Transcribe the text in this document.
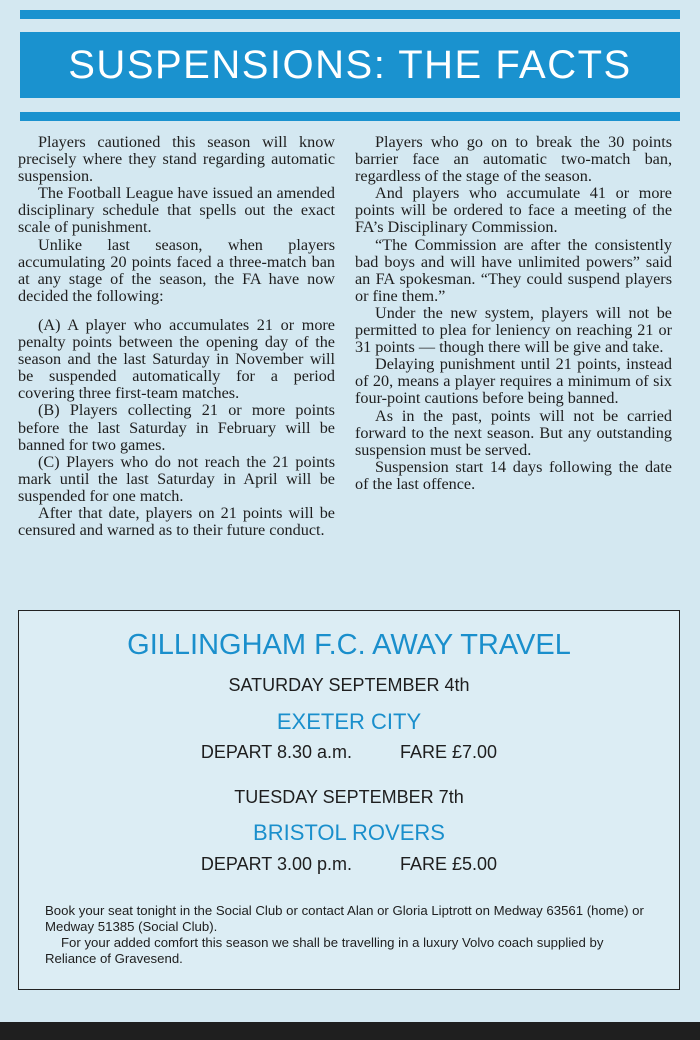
SUSPENSIONS: THE FACTS

Players cautioned this season will know precisely where they stand regarding automatic suspension.

The Football League have issued an amended disciplinary schedule that spells out the exact scale of punishment.

Unlike last season, when players accumulating 20 points faced a three-match ban at any stage of the season, the FA have now decided the following:

(A) A player who accumulates 21 or more penalty points between the opening day of the season and the last Saturday in November will be suspended automatically for a period covering three first-team matches.

(B) Players collecting 21 or more points before the last Saturday in February will be banned for two games.

(C) Players who do not reach the 21 points mark until the last Saturday in April will be suspended for one match.

After that date, players on 21 points will be censured and warned as to their future conduct.

Players who go on to break the 30 points barrier face an automatic two-match ban, regardless of the stage of the season.

And players who accumulate 41 or more points will be ordered to face a meeting of the FA’s Disciplinary Commission.

“The Commission are after the consistently bad boys and will have unlimited powers” said an FA spokesman. “They could suspend players or fine them.”

Under the new system, players will not be permitted to plea for leniency on reaching 21 or 31 points — though there will be give and take.

Delaying punishment until 21 points, instead of 20, means a player requires a minimum of six four-point cautions before being banned.

As in the past, points will not be carried forward to the next season. But any outstanding suspension must be served.

Suspension start 14 days following the date of the last offence.

GILLINGHAM F.C. AWAY TRAVEL
SATURDAY SEPTEMBER 4th
EXETER CITY
DEPART 8.30 a.m.	FARE £7.00
TUESDAY SEPTEMBER 7th
BRISTOL ROVERS
DEPART 3.00 p.m.	FARE £5.00

Book your seat tonight in the Social Club or contact Alan or Gloria Liptrott on Medway 63561 (home) or Medway 51385 (Social Club).

For your added comfort this season we shall be travelling in a luxury Volvo coach supplied by Reliance of Gravesend.
